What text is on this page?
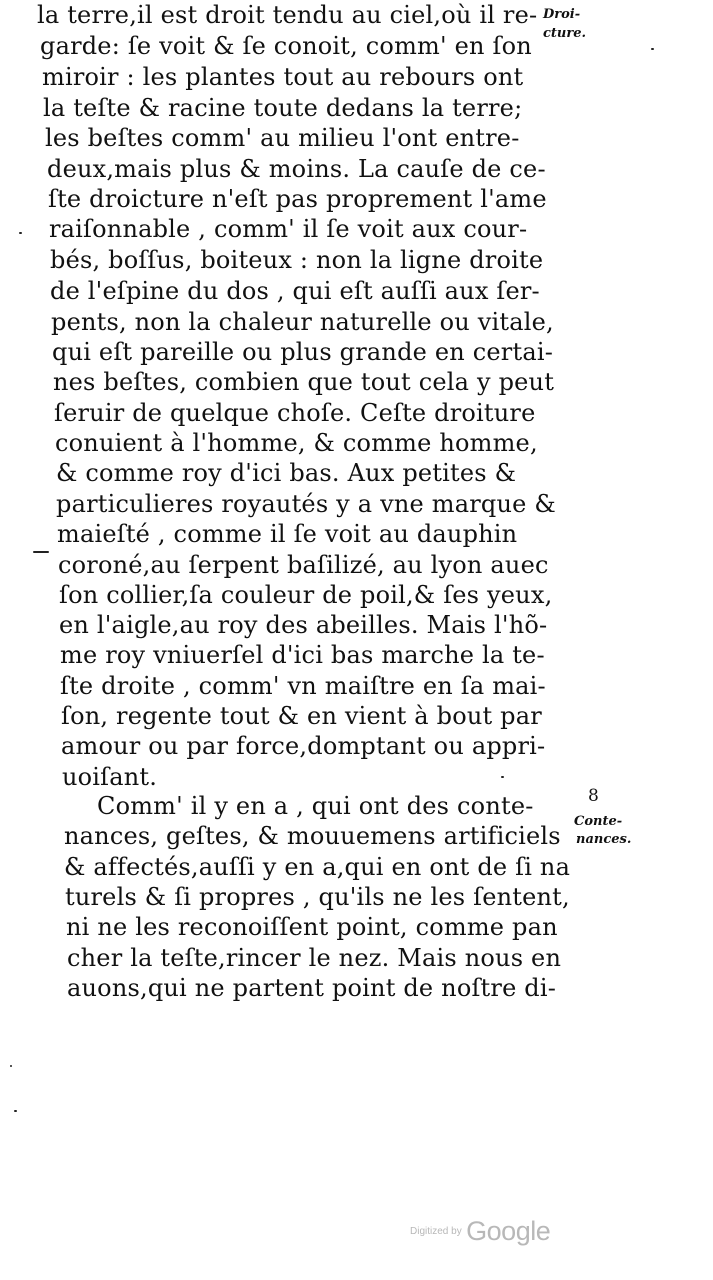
la terre,il est droit tendu au ciel,où il re-
garde: ſe voit & ſe conoit, comm' en ſon
miroir : les plantes tout au rebours ont
la teſte & racine toute dedans la terre;
les beſtes comm' au milieu l'ont entre-
deux,mais plus & moins. La cauſe de ce-
ſte droicture n'eſt pas proprement l'ame
raiſonnable , comm' il ſe voit aux cour-
bés, boſſus, boiteux : non la ligne droite
de l'eſpine du dos , qui eſt auſſi aux ſer-
pents, non la chaleur naturelle ou vitale,
qui eſt pareille ou plus grande en certai-
nes beſtes, combien que tout cela y peut
ſeruir de quelque choſe. Ceſte droiture
conuient à l'homme, & comme homme,
& comme roy d'ici bas. Aux petites &
particulieres royautés y a vne marque &
maieſté , comme il ſe voit au dauphin
coroné,au ſerpent baſilizé, au lyon auec
ſon collier,ſa couleur de poil,& ſes yeux,
en l'aigle,au roy des abeilles. Mais l'hõ-
me roy vniuerſel d'ici bas marche la te-
ſte droite , comm' vn maiſtre en ſa mai-
ſon, regente tout & en vient à bout par
amour ou par force,domptant ou appri-
uoiſant.
Comm' il y en a , qui ont des conte-
nances, geſtes, & mouuemens artificiels
& affectés,auſſi y en a,qui en ont de ſi na
turels & ſi propres , qu'ils ne les ſentent,
ni ne les reconoiſſent point, comme pan
cher la teſte,rincer le nez. Mais nous en
auons,qui ne partent point de noſtre di-
Droi-
cture.
8
Conte-
nances.
Digitized by Google
